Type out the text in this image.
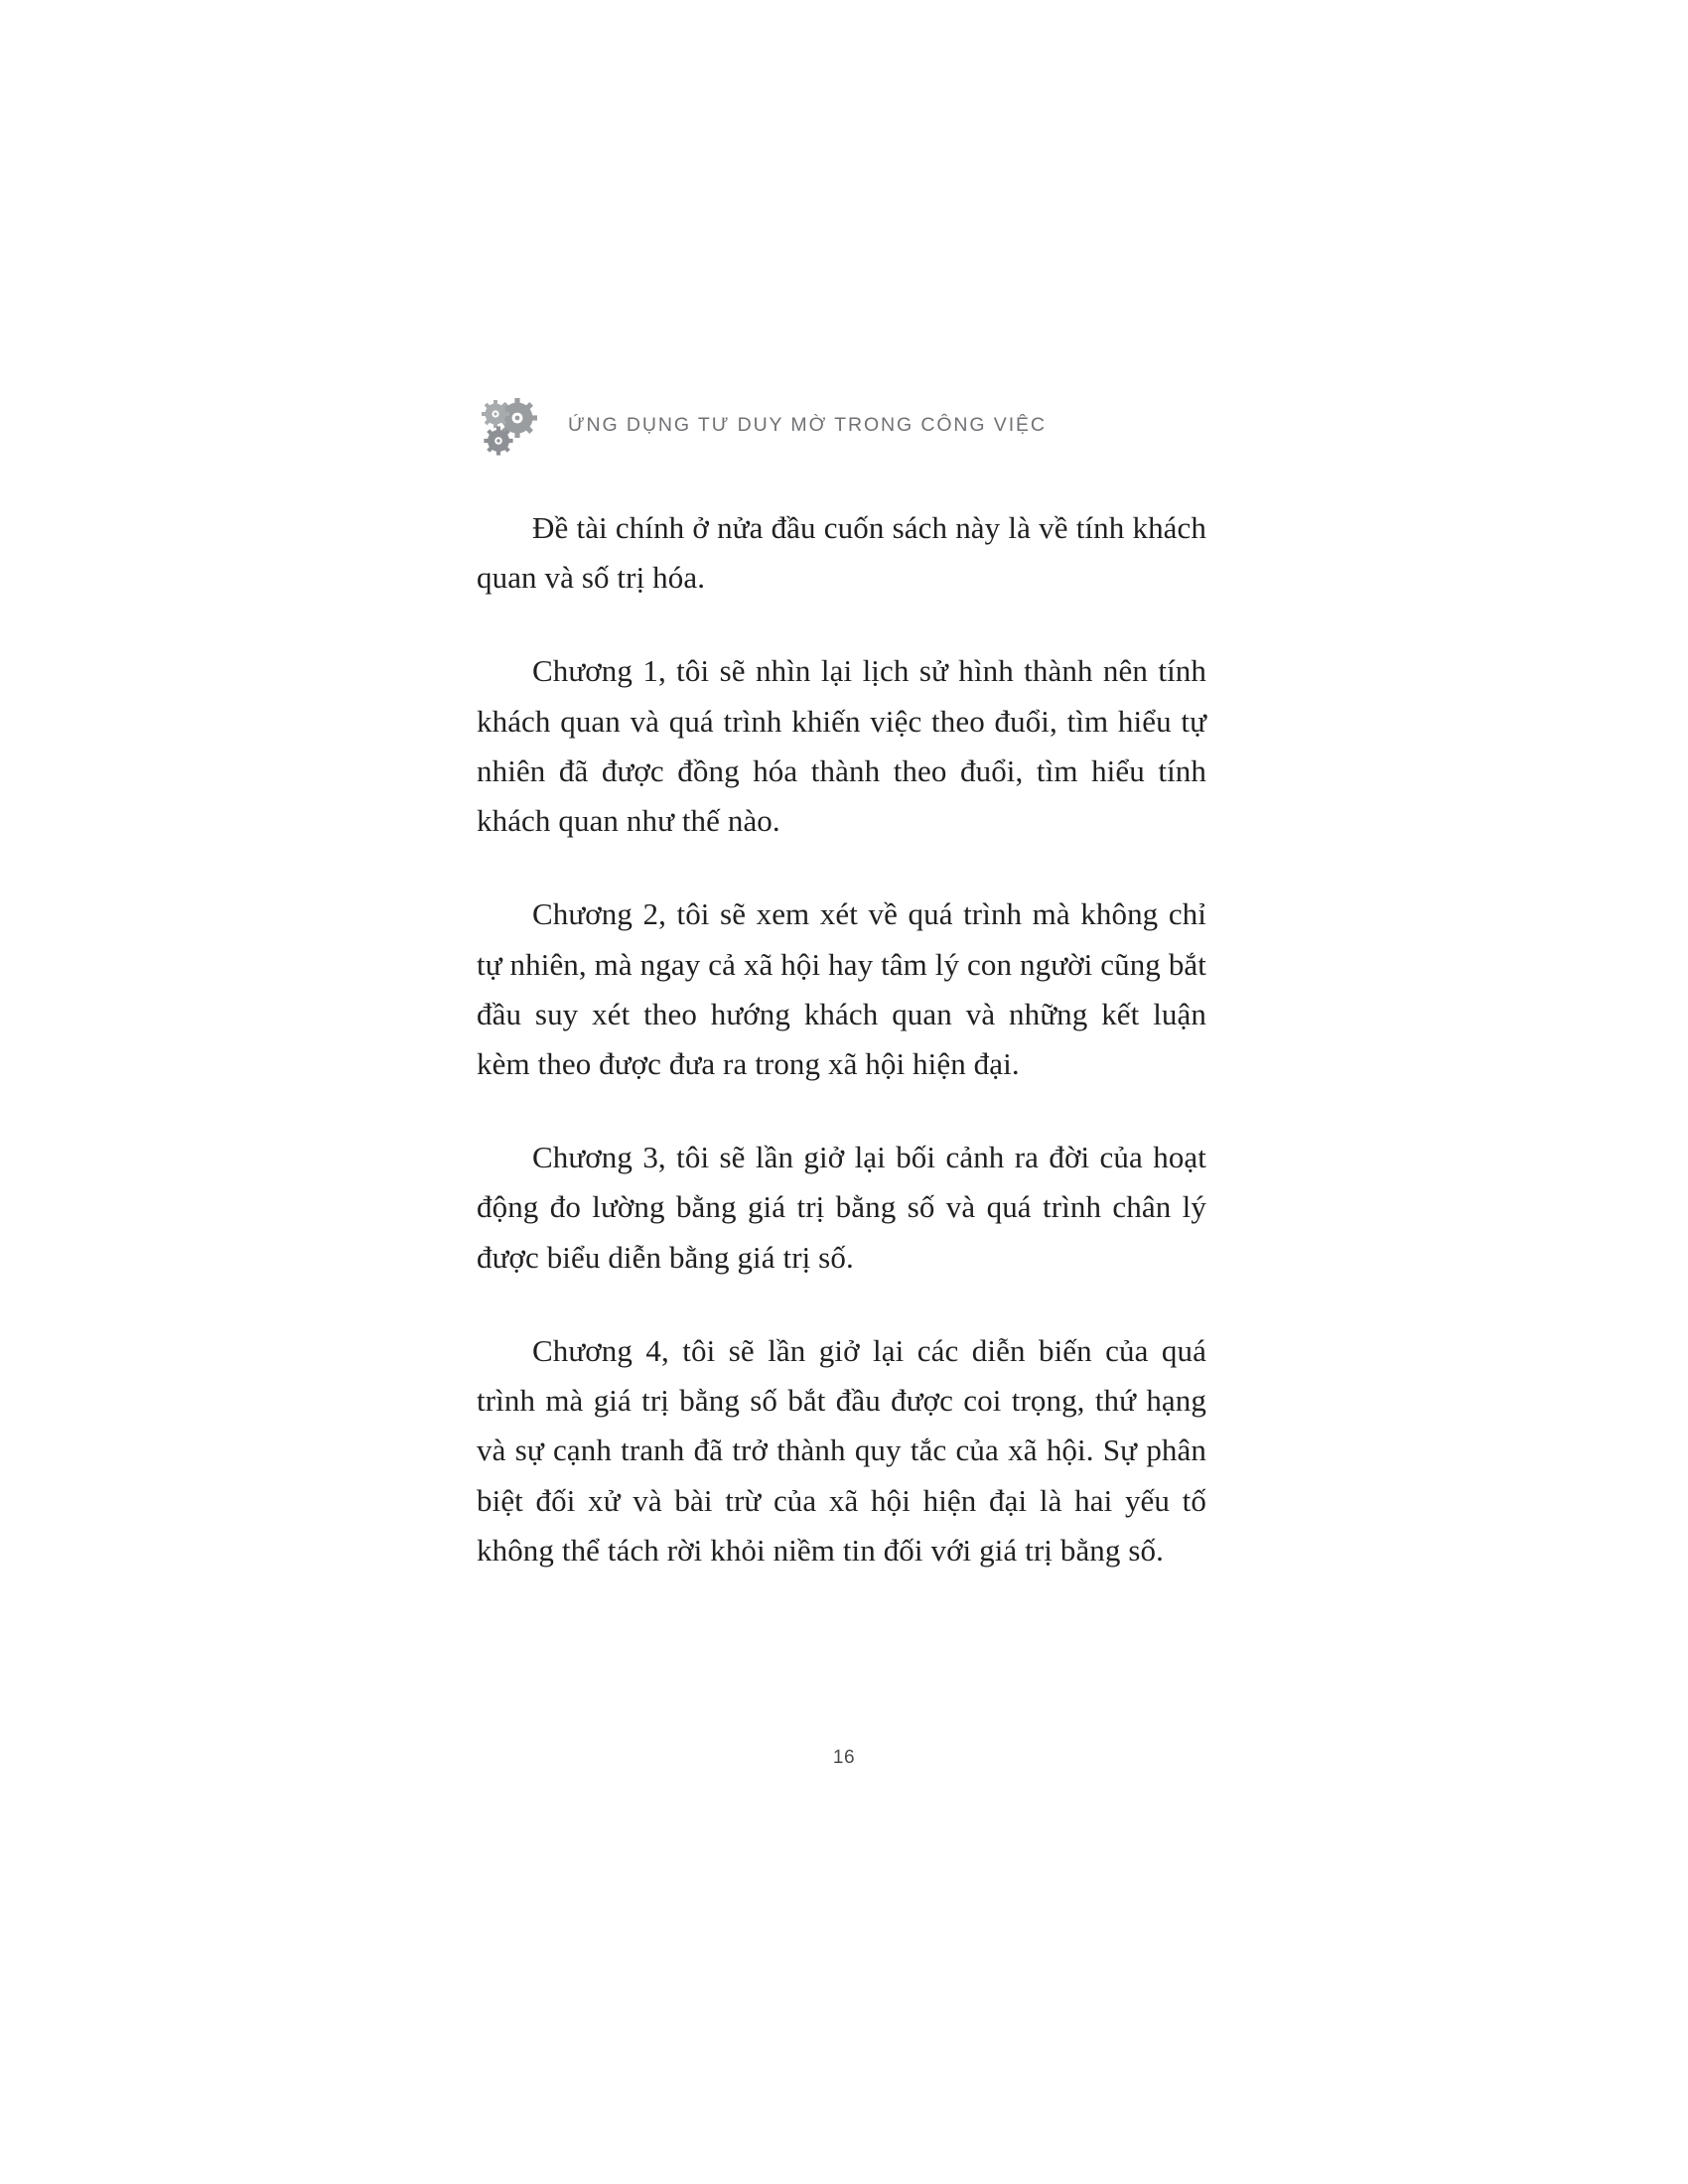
ỨNG DỤNG TƯ DUY MỜ TRONG CÔNG VIỆC

Đề tài chính ở nửa đầu cuốn sách này là về tính khách quan và số trị hóa.

Chương 1, tôi sẽ nhìn lại lịch sử hình thành nên tính khách quan và quá trình khiến việc theo đuổi, tìm hiểu tự nhiên đã được đồng hóa thành theo đuổi, tìm hiểu tính khách quan như thế nào.

Chương 2, tôi sẽ xem xét về quá trình mà không chỉ tự nhiên, mà ngay cả xã hội hay tâm lý con người cũng bắt đầu suy xét theo hướng khách quan và những kết luận kèm theo được đưa ra trong xã hội hiện đại.

Chương 3, tôi sẽ lần giở lại bối cảnh ra đời của hoạt động đo lường bằng giá trị bằng số và quá trình chân lý được biểu diễn bằng giá trị số.

Chương 4, tôi sẽ lần giở lại các diễn biến của quá trình mà giá trị bằng số bắt đầu được coi trọng, thứ hạng và sự cạnh tranh đã trở thành quy tắc của xã hội. Sự phân biệt đối xử và bài trừ của xã hội hiện đại là hai yếu tố không thể tách rời khỏi niềm tin đối với giá trị bằng số.

16
